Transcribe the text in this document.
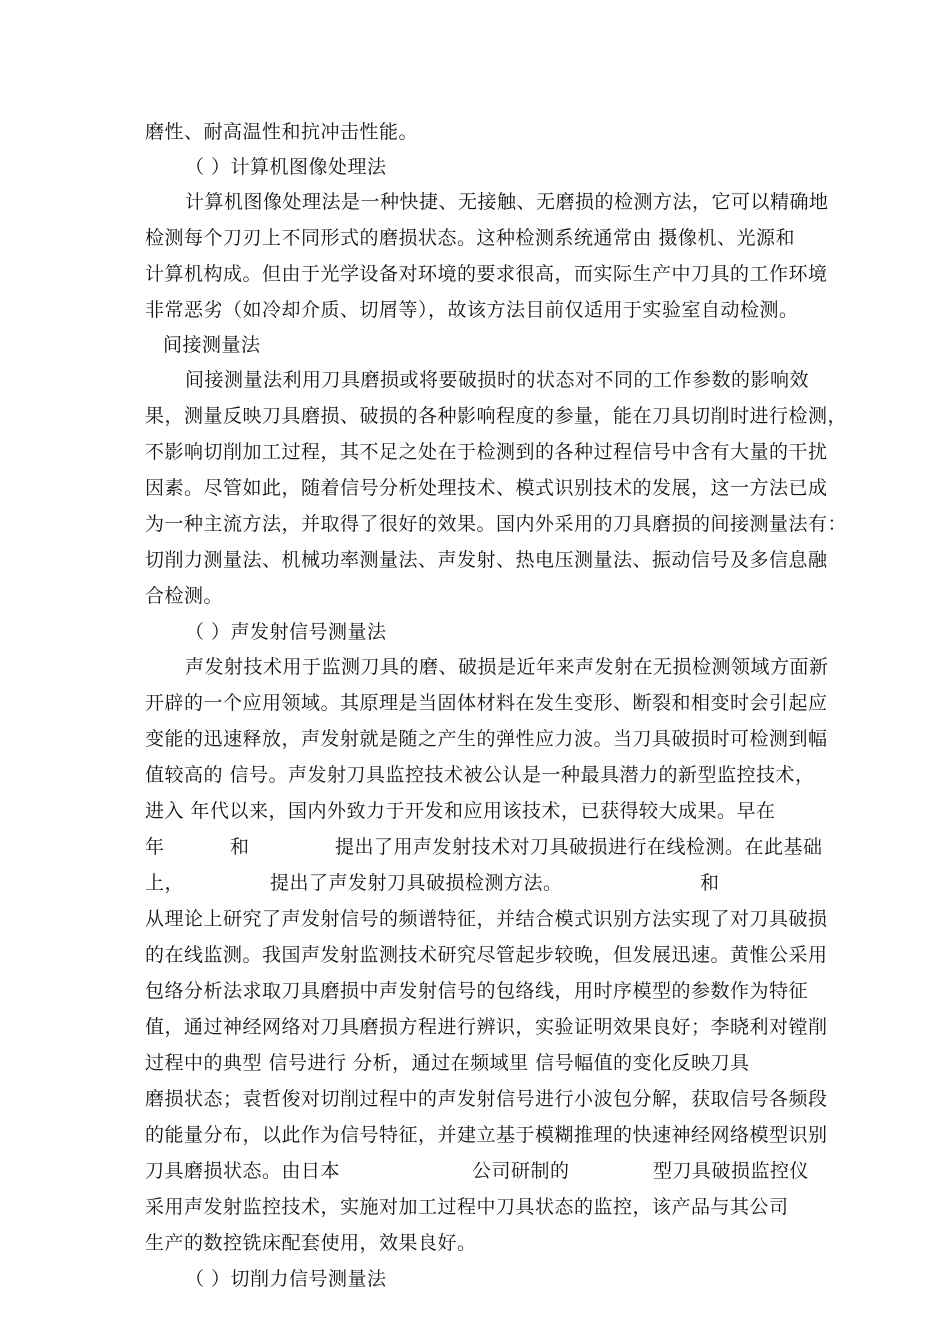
磨性、耐高温性和抗冲击性能。
（ ）计算机图像处理法
计算机图像处理法是一种快捷、无接触、无磨损的检测方法，它可以精确地
检测每个刀刃上不同形式的磨损状态。这种检测系统通常由 摄像机、光源和
计算机构成。但由于光学设备对环境的要求很高，而实际生产中刀具的工作环境
非常恶劣（如冷却介质、切屑等），故该方法目前仅适用于实验室自动检测。
间接测量法
间接测量法利用刀具磨损或将要破损时的状态对不同的工作参数的影响效
果，测量反映刀具磨损、破损的各种影响程度的参量，能在刀具切削时进行检测，
不影响切削加工过程，其不足之处在于检测到的各种过程信号中含有大量的干扰
因素。尽管如此，随着信号分析处理技术、模式识别技术的发展，这一方法已成
为一种主流方法，并取得了很好的效果。国内外采用的刀具磨损的间接测量法有：
切削力测量法、机械功率测量法、声发射、热电压测量法、振动信号及多信息融
合检测。
（ ）声发射信号测量法
声发射技术用于监测刀具的磨、破损是近年来声发射在无损检测领域方面新
开辟的一个应用领域。其原理是当固体材料在发生变形、断裂和相变时会引起应
变能的迅速释放，声发射就是随之产生的弹性应力波。当刀具破损时可检测到幅
值较高的 信号。声发射刀具监控技术被公认是一种最具潜力的新型监控技术，
进入 年代以来，国内外致力于开发和应用该技术，已获得较大成果。早在
年	和	提出了用声发射技术对刀具破损进行在线检测。在此基础
上，	提出了声发射刀具破损检测方法。	和
从理论上研究了声发射信号的频谱特征，并结合模式识别方法实现了对刀具破损
的在线监测。我国声发射监测技术研究尽管起步较晚，但发展迅速。黄惟公采用
包络分析法求取刀具磨损中声发射信号的包络线，用时序模型的参数作为特征
值，通过神经网络对刀具磨损方程进行辨识，实验证明效果良好；李晓利对镗削
过程中的典型 信号进行 分析，通过在频域里 信号幅值的变化反映刀具
磨损状态；袁哲俊对切削过程中的声发射信号进行小波包分解，获取信号各频段
的能量分布，以此作为信号特征，并建立基于模糊推理的快速神经网络模型识别
刀具磨损状态。由日本	公司研制的	型刀具破损监控仪
采用声发射监控技术，实施对加工过程中刀具状态的监控，该产品与其公司
生产的数控铣床配套使用，效果良好。
（ ）切削力信号测量法
